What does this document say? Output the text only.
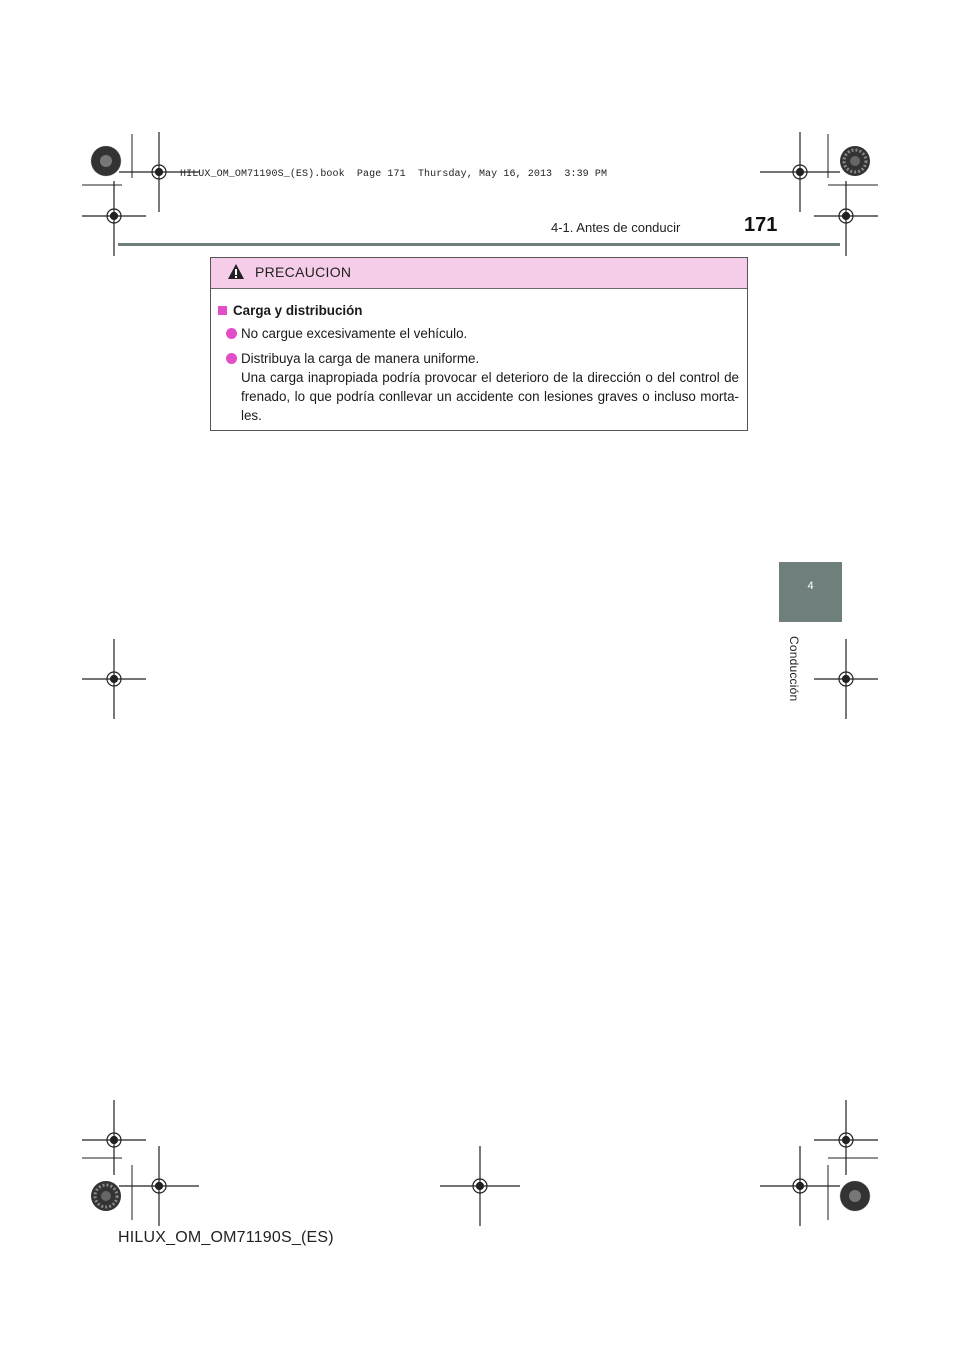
HILUX_OM_OM71190S_(ES).book  Page 171  Thursday, May 16, 2013  3:39 PM
4-1. Antes de conducir	171
PRECAUCION
Carga y distribución

No cargue excesivamente el vehículo.

Distribuya la carga de manera uniforme.

Una carga inapropiada podría provocar el deterioro de la dirección o del control de frenado, lo que podría conllevar un accidente con lesiones graves o incluso morta-les.

4
Conducción
HILUX_OM_OM71190S_(ES)
